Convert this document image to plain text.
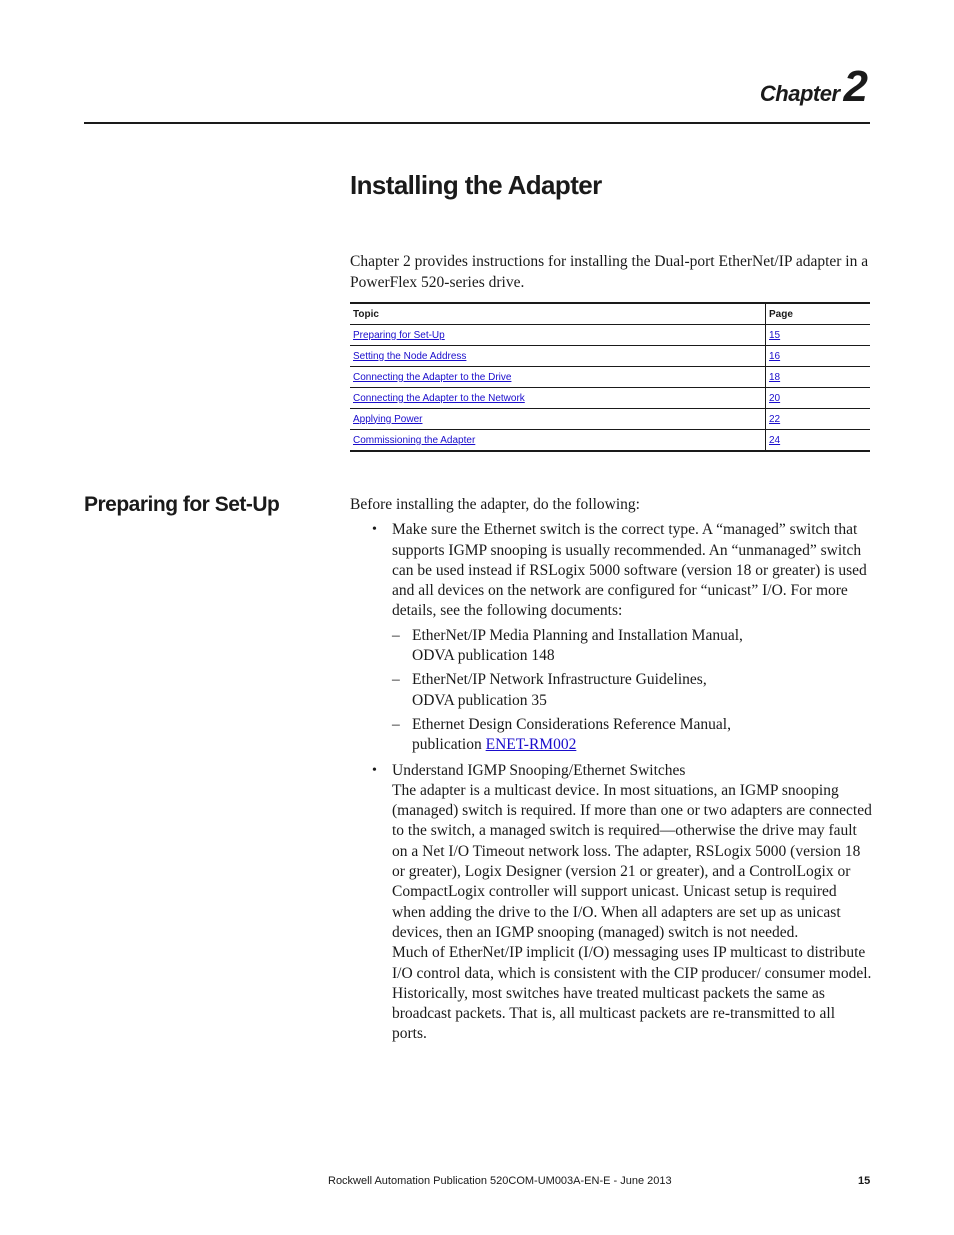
Chapter2
Installing the Adapter

Chapter 2 provides instructions for installing the Dual-port EtherNet/IP adapter in a PowerFlex 520-series drive.

Topic	Page
Preparing for Set-Up	15
Setting the Node Address	16
Connecting the Adapter to the Drive	18
Connecting the Adapter to the Network	20
Applying Power	22
Commissioning the Adapter	24
Preparing for Set-Up	Before installing the adapter, do the following:

• Make sure the Ethernet switch is the correct type. A “managed” switch that supports IGMP snooping is usually recommended. An “unmanaged” switch can be used instead if RSLogix 5000 software (version 18 or greater) is used and all devices on the network are configured for “unicast” I/O. For more details, see the following documents:
– EtherNet/IP Media Planning and Installation Manual,
ODVA publication 148
– EtherNet/IP Network Infrastructure Guidelines,
ODVA publication 35
– Ethernet Design Considerations Reference Manual,
publication ENET-RM002
• Understand IGMP Snooping/Ethernet Switches

The adapter is a multicast device. In most situations, an IGMP snooping (managed) switch is required. If more than one or two adapters are connected to the switch, a managed switch is required—otherwise the drive may fault on a Net I/O Timeout network loss. The adapter, RSLogix 5000 (version 18 or greater), Logix Designer (version 21 or greater), and a ControlLogix or CompactLogix controller will support unicast. Unicast setup is required when adding the drive to the I/O. When all adapters are set up as unicast devices, then an IGMP snooping (managed) switch is not needed.

Much of EtherNet/IP implicit (I/O) messaging uses IP multicast to distribute I/O control data, which is consistent with the CIP producer/ consumer model. Historically, most switches have treated multicast packets the same as broadcast packets. That is, all multicast packets are re-transmitted to all ports.

Rockwell Automation Publication 520COM-UM003A-EN-E - June 2013	15
